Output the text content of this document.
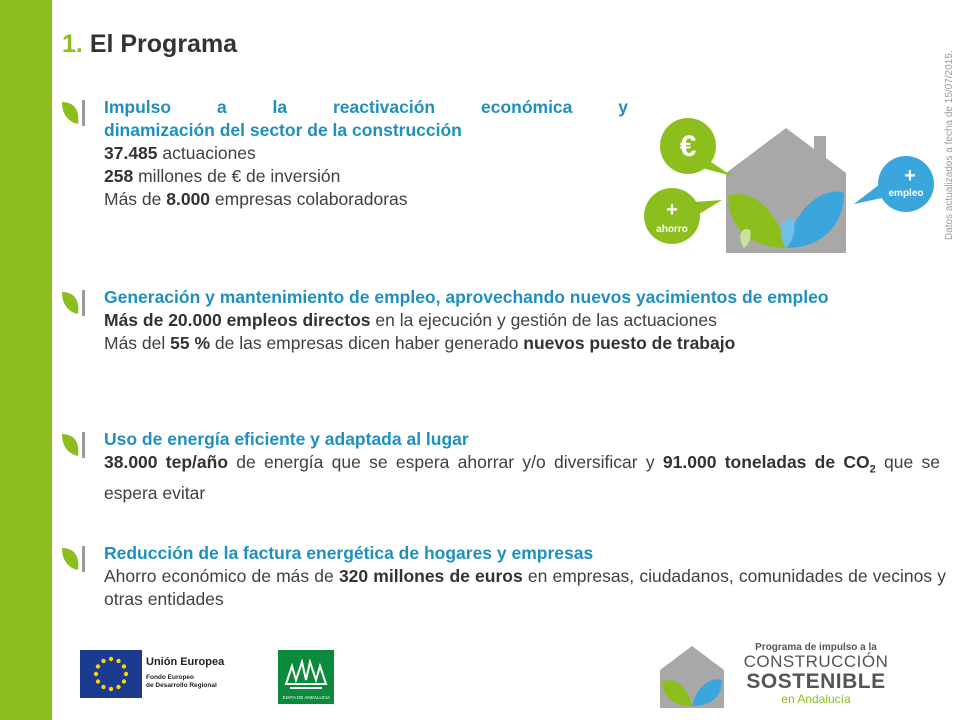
1. El Programa
Datos actualizados a fecha de 15/07/2015.
Impulso a la reactivación económica y
dinamización del sector de la construcción
37.485 actuaciones
258 millones de € de inversión
Más de 8.000 empresas colaboradoras
€
+
ahorro
+
empleo
Generación y mantenimiento de empleo, aprovechando nuevos yacimientos de empleo
Más de 20.000 empleos directos en la ejecución y gestión de las actuaciones
Más del 55 % de las empresas dicen haber generado nuevos puesto de trabajo
Uso de energía eficiente y adaptada al lugar
38.000 tep/año de energía que se espera ahorrar y/o diversificar y 91.000 toneladas de $CO_2$ que se espera evitar
Reducción de la factura energética de hogares y empresas
Ahorro económico de más de 320 millones de euros en empresas, ciudadanos, comunidades de vecinos y otras entidades
Unión Europea
Fondo Europeo
de Desarrollo Regional
JUNTA DE ANDALUCIA
Programa de impulso a la
CONSTRUCCIÓN
SOSTENIBLE
en Andalucía
